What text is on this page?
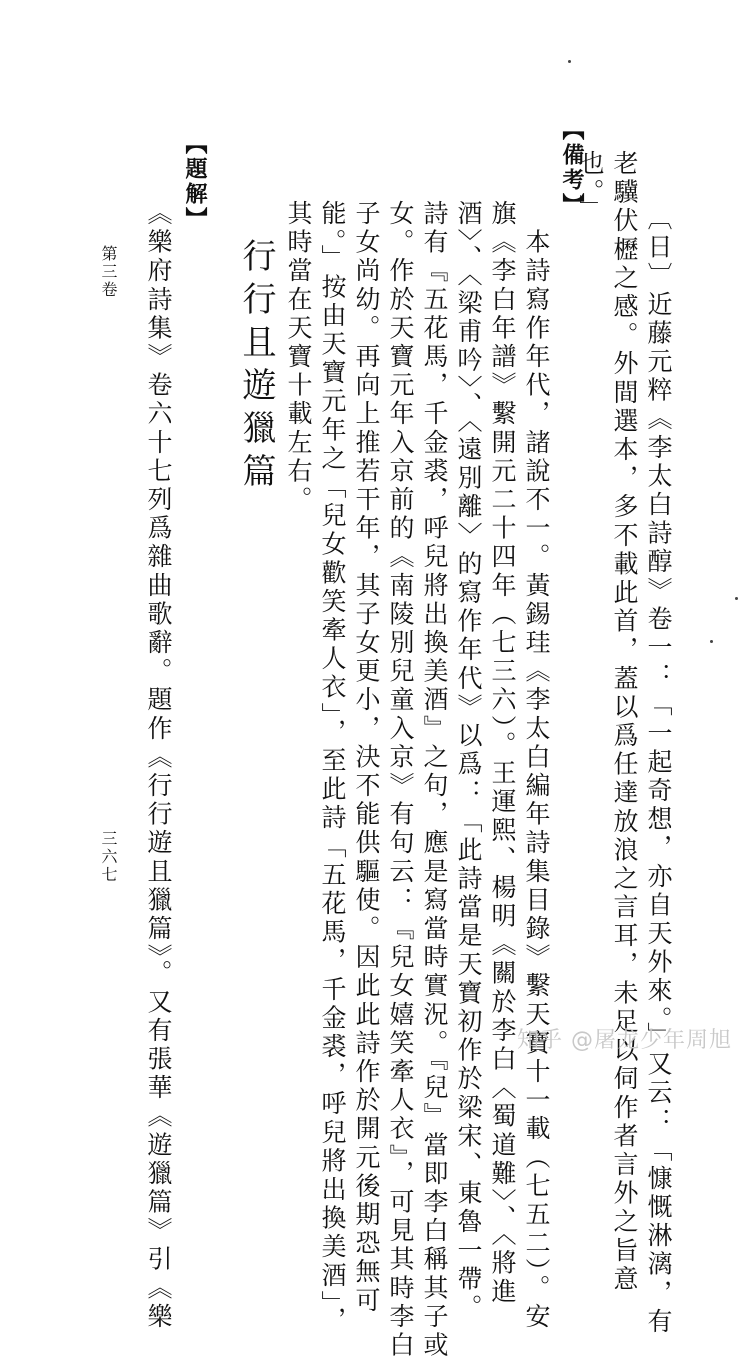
〔日〕近藤元粹《李太白詩醇》卷一：「一起奇想，亦自天外來。」又云：「慷慨淋漓，有
老驥伏櫪之感。外間選本，多不載此首，蓋以爲任達放浪之言耳，未足以伺作者言外之旨意
也。」
【備考】
　本詩寫作年代，諸說不一。黃錫珪《李太白編年詩集目錄》繫天寶十一載（七五二）。安
旗《李白年譜》繫開元二十四年（七三六）。王運熙、楊明《關於李白〈蜀道難〉、〈將進
酒〉、〈梁甫吟〉、〈遠別離〉的寫作年代》以爲：「此詩當是天寶初作於梁宋、東魯一帶。
詩有『五花馬，千金裘，呼兒將出換美酒』之句，應是寫當時實況。『兒』當即李白稱其子或
女。作於天寶元年入京前的《南陵別兒童入京》有句云：『兒女嬉笑牽人衣』，可見其時李白
子女尚幼。再向上推若干年，其子女更小，決不能供驅使。因此此詩作於開元後期恐無可
能。」按由天寶元年之「兒女歡笑牽人衣」，至此詩「五花馬，千金裘，呼兒將出換美酒」，
其時當在天寶十載左右。
行行且遊獵篇
【題解】
《樂府詩集》卷六十七列爲雜曲歌辭。題作《行行遊且獵篇》。又有張華《遊獵篇》引《樂
第三卷
三六七
知乎 @屠龙少年周旭
